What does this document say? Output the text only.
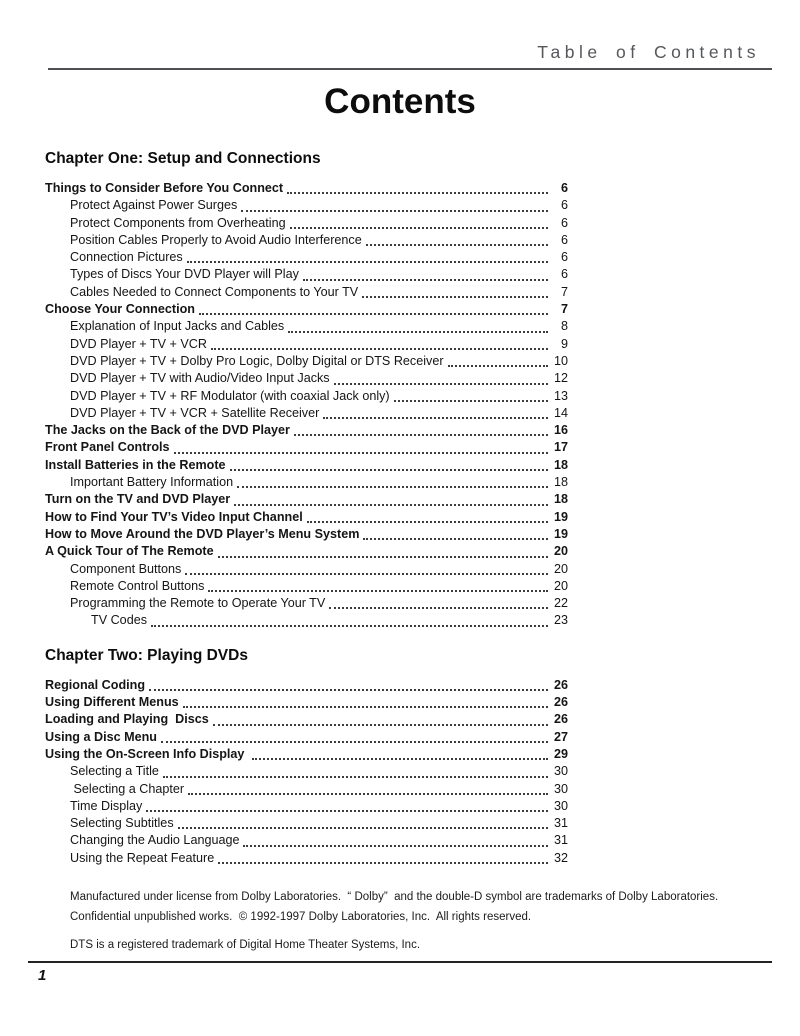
Table of Contents
Contents
Chapter One: Setup and Connections
Things to Consider Before You Connect	6
Protect Against Power Surges	6
Protect Components from Overheating	6
Position Cables Properly to Avoid Audio Interference	6
Connection Pictures	6
Types of Discs Your DVD Player will Play	6
Cables Needed to Connect Components to Your TV	7
Choose Your Connection	7
Explanation of Input Jacks and Cables	8
DVD Player + TV + VCR	9
DVD Player + TV + Dolby Pro Logic, Dolby Digital or DTS Receiver	10
DVD Player + TV with Audio/Video Input Jacks	12
DVD Player + TV + RF Modulator (with coaxial Jack only)	13
DVD Player + TV + VCR + Satellite Receiver	14
The Jacks on the Back of the DVD Player	16
Front Panel Controls	17
Install Batteries in the Remote	18
Important Battery Information	18
Turn on the TV and DVD Player	18
How to Find Your TV’s Video Input Channel	19
How to Move Around the DVD Player’s Menu System	19
A Quick Tour of The Remote	20
Component Buttons	20
Remote Control Buttons	20
Programming the Remote to Operate Your TV	22
TV Codes	23
Chapter Two: Playing DVDs
Regional Coding	26
Using Different Menus	26
Loading and Playing  Discs	26
Using a Disc Menu	27
Using the On-Screen Info Display	29
Selecting a Title	30
Selecting a Chapter	30
Time Display	30
Selecting Subtitles	31
Changing the Audio Language	31
Using the Repeat Feature	32
Manufactured under license from Dolby Laboratories.  “ Dolby”  and the double-D symbol are trademarks of Dolby Laboratories.
Confidential unpublished works.  © 1992-1997 Dolby Laboratories, Inc.  All rights reserved.
DTS is a registered trademark of Digital Home Theater Systems, Inc.
1
